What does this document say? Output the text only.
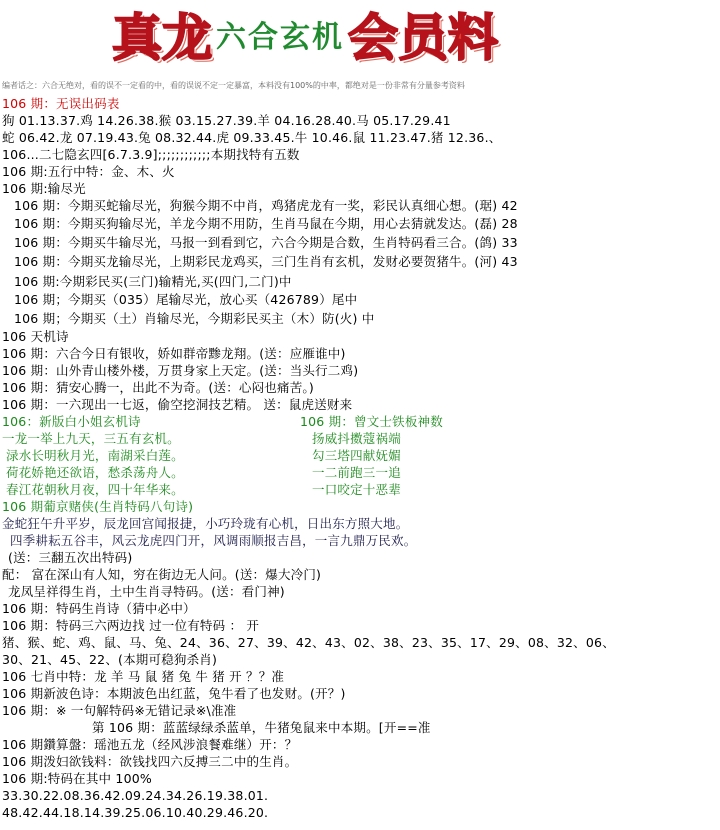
真龙 六合玄机 会员料
编者话之：六合无绝对，看的误不一定看的中，看的误说不定一定暴富，本料没有100%的中率，都绝对是一份非常有分量参考资料
106 期：无误出码表
狗 01.13.37.鸡 14.26.38.猴 03.15.27.39.羊 04.16.28.40.马 05.17.29.41
蛇 06.42.龙 07.19.43.兔 08.32.44.虎 09.33.45.牛 10.46.鼠 11.23.47.猪 12.36.、
106...二七隐玄四[6.7.3.9];;;;;;;;;;;;本期找特有五数
106 期:五行中特：金、木、火
106 期:输尽光
106 期：今期买蛇输尽光，狗猴今期不中肖，鸡猪虎龙有一奖，彩民认真细心想。(琚) 42
106 期：今期买狗输尽光，羊龙今期不用防，生肖马鼠在今期，用心去猜就发达。(磊) 28
106 期：今期买牛输尽光，马报一到看到它，六合今期是合数，生肖特码看三合。(鸽) 33
106 期：今期买龙输尽光，上期彩民龙鸡买，三门生肖有玄机，发财必要贺猪牛。(河) 43
106 期:今期彩民买(三门)输精光,买(四门,二门)中
106 期；今期买（035）尾输尽光，放心买（426789）尾中
106 期；今期买（土）肖输尽光，今期彩民买主（木）防(火) 中
106 天机诗
106 期：六合今日有银收，娇如群帝黪龙翔。(送：应雁谁中)
106 期：山外青山楼外楼，万贯身家上天定。(送：当头行二鸡)
106 期：猜安心腾一，出此不为奇。(送：心闷也痛苦。)
106 期：一六现出一七返，偷空挖洞技艺精。 送：鼠虎送财来
106：新版白小姐玄机诗
一龙一举上九天，三五有玄机。
渌水长明秋月光，南湖采白莲。
荷花娇艳还欲语，愁杀荡舟人。
春江花朝秋月夜，四十年华来。
106 期：曾文士铁板神数
扬威抖擞蔻祸端
勾三塔四献妩媚
一二前跑三一追
一口咬定十恶辈
106 期葡京赌侠(生肖特码八句诗)
金蛇狂午升平岁，辰龙回宫闻报捷，小巧玲珑有心机，日出东方照大地。
四季耕耘五谷丰，风云龙虎四门开，风调雨顺报吉昌，一言九鼎万民欢。
(送：三翻五次出特码)
配： 富在深山有人知，穷在街边无人问。(送：爆大冷门)
龙凤呈祥得生肖，土中生肖寻特码。(送：看门神)
106 期：特码生肖诗（猜中必中）
106 期：特码三六两边找 过一位有特码 ： 开
猪、猴、蛇、鸡、鼠、马、兔、24、36、27、39、42、43、02、38、23、35、17、29、08、32、06、
30、21、45、22、(本期可稳狗杀肖)
106 七肖中特：龙 羊 马 鼠 猪 兔 牛 猪 开 ？？准
106 期新波色诗：本期波色出红蓝，兔牛看了也发财。(开？)
106 期：※ 一句解特码※无错记录※\准准
第 106 期：蓝蓝绿绿杀蓝单，牛猪兔鼠来中本期。[开==准
106 期鑽算盤：瑶池五龙（经风涉浪餐难继）开：？
106 期泼妇欲钱料：欲钱找四六反搏三二中的生肖。
106 期:特码在其中 100%
33.30.22.08.36.42.09.24.34.26.19.38.01.
48.42.44.18.14.39.25.06.10.40.29.46.20.
